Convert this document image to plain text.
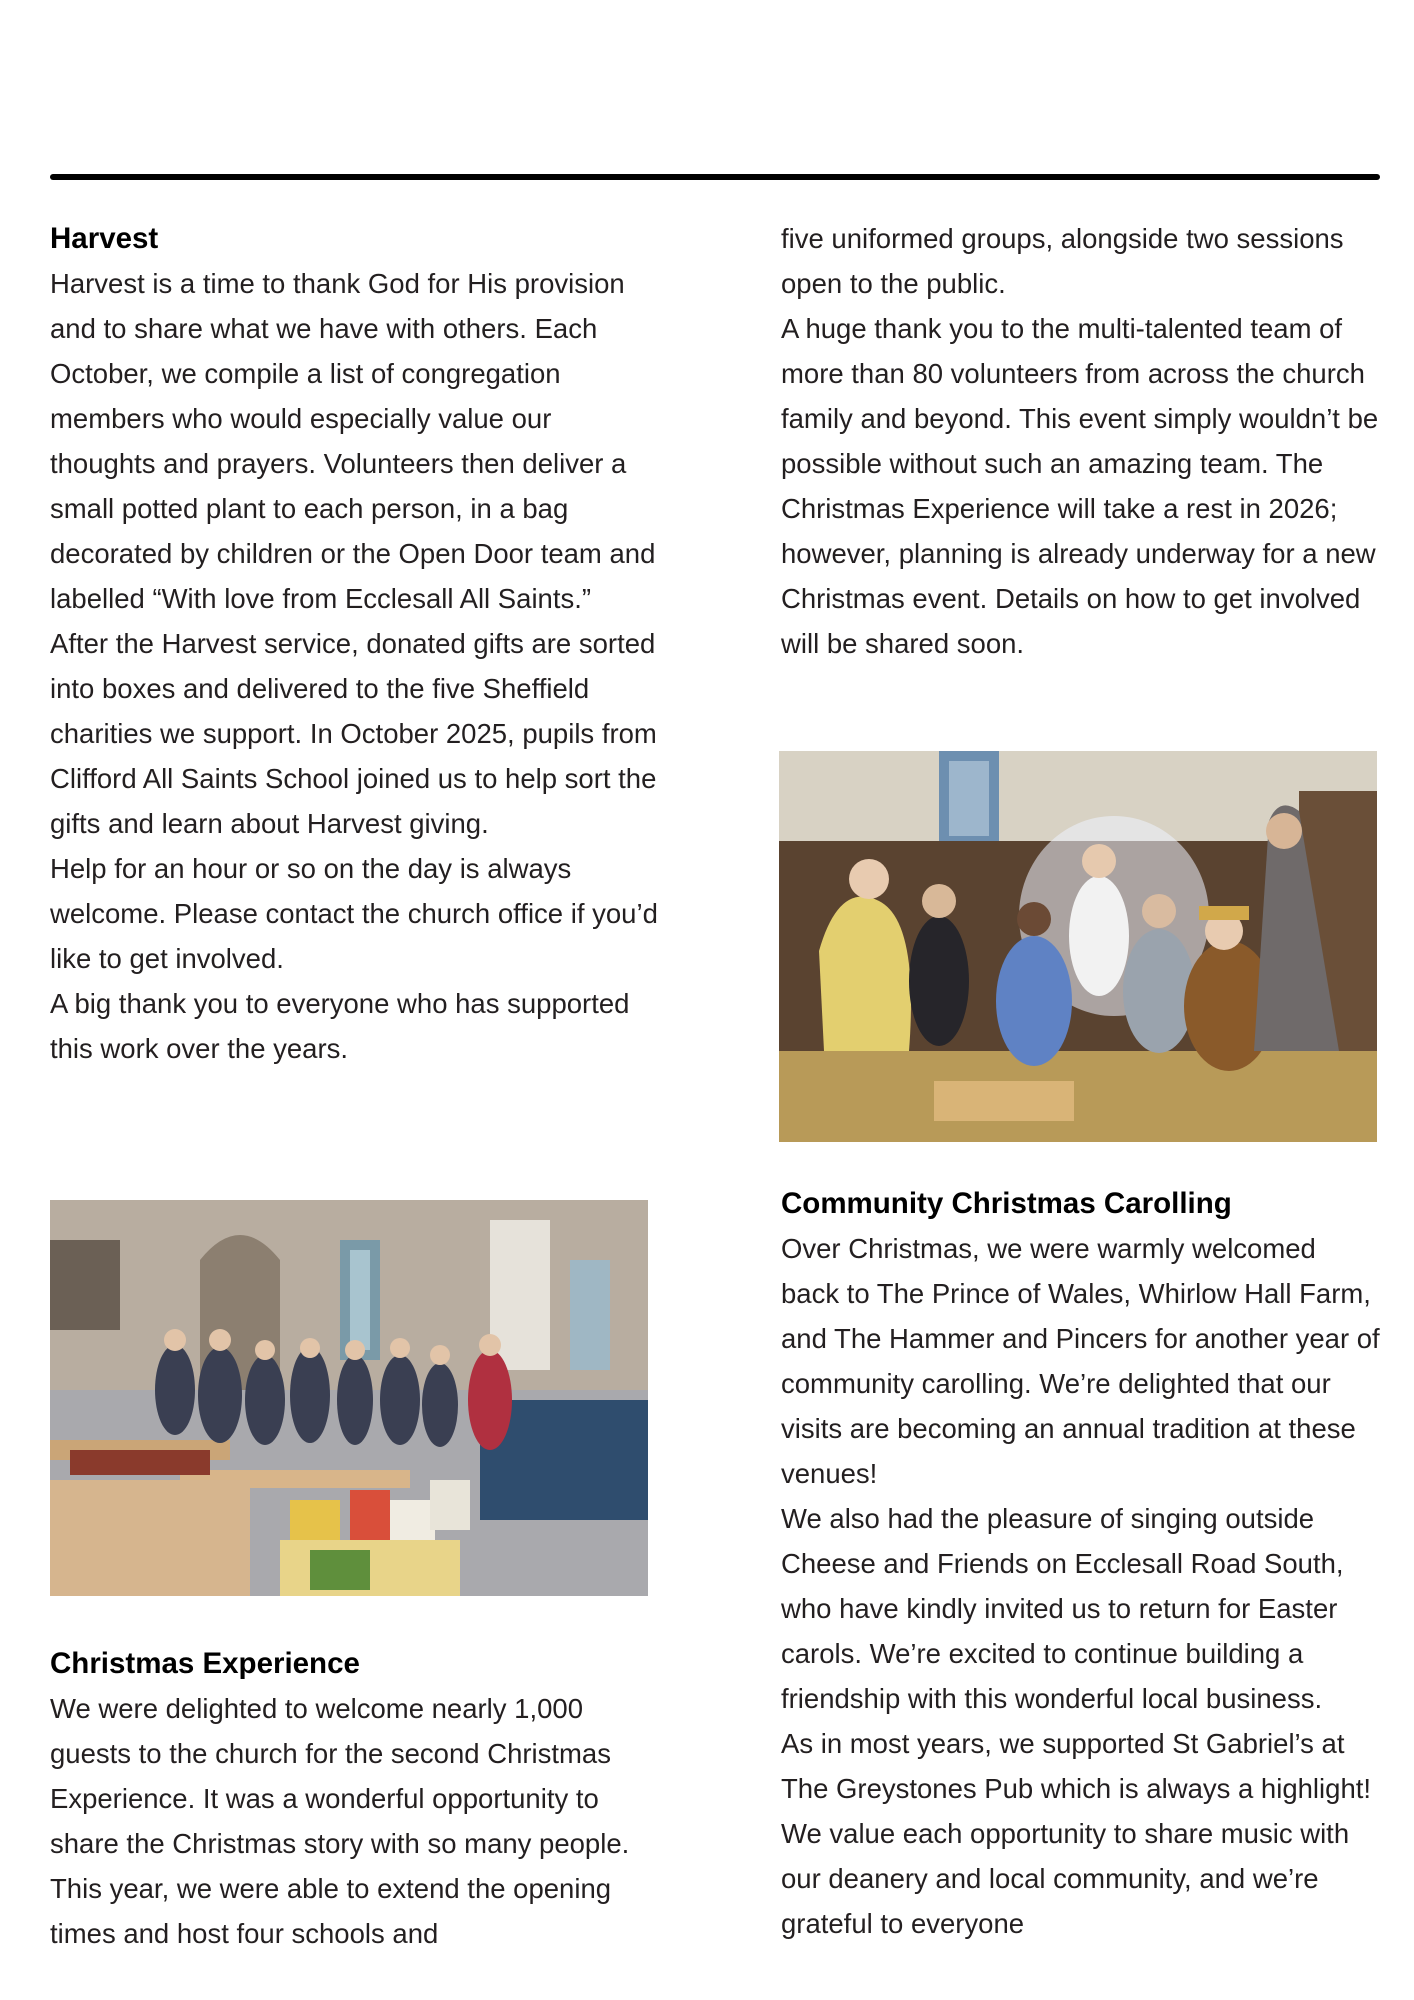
Harvest

Harvest is a time to thank God for His provision and to share what we have with others. Each October, we compile a list of congregation members who would especially value our thoughts and prayers. Volunteers then deliver a small potted plant to each person, in a bag decorated by children or the Open Door team and labelled “With love from Ecclesall All Saints.”

After the Harvest service, donated gifts are sorted into boxes and delivered to the five Sheffield charities we support. In October 2025, pupils from Clifford All Saints School joined us to help sort the gifts and learn about Harvest giving.

Help for an hour or so on the day is always welcome. Please contact the church office if you’d like to get involved.

A big thank you to everyone who has supported this work over the years.

Christmas Experience

We were delighted to welcome nearly 1,000 guests to the church for the second Christmas Experience. It was a wonderful opportunity to share the Christmas story with so many people.

This year, we were able to extend the opening times and host four schools and

five uniformed groups, alongside two sessions open to the public.

A huge thank you to the multi-talented team of more than 80 volunteers from across the church family and beyond. This event simply wouldn’t be possible without such an amazing team. The Christmas Experience will take a rest in 2026; however, planning is already underway for a new Christmas event. Details on how to get involved will be shared soon.

Community Christmas Carolling

Over Christmas, we were warmly welcomed back to The Prince of Wales, Whirlow Hall Farm, and The Hammer and Pincers for another year of community carolling. We’re delighted that our visits are becoming an annual tradition at these venues!

We also had the pleasure of singing outside Cheese and Friends on Ecclesall Road South, who have kindly invited us to return for Easter carols. We’re excited to continue building a friendship with this wonderful local business.

As in most years, we supported St Gabriel’s at The Greystones Pub which is always a highlight! We value each opportunity to share music with our deanery and local community, and we’re grateful to everyone
